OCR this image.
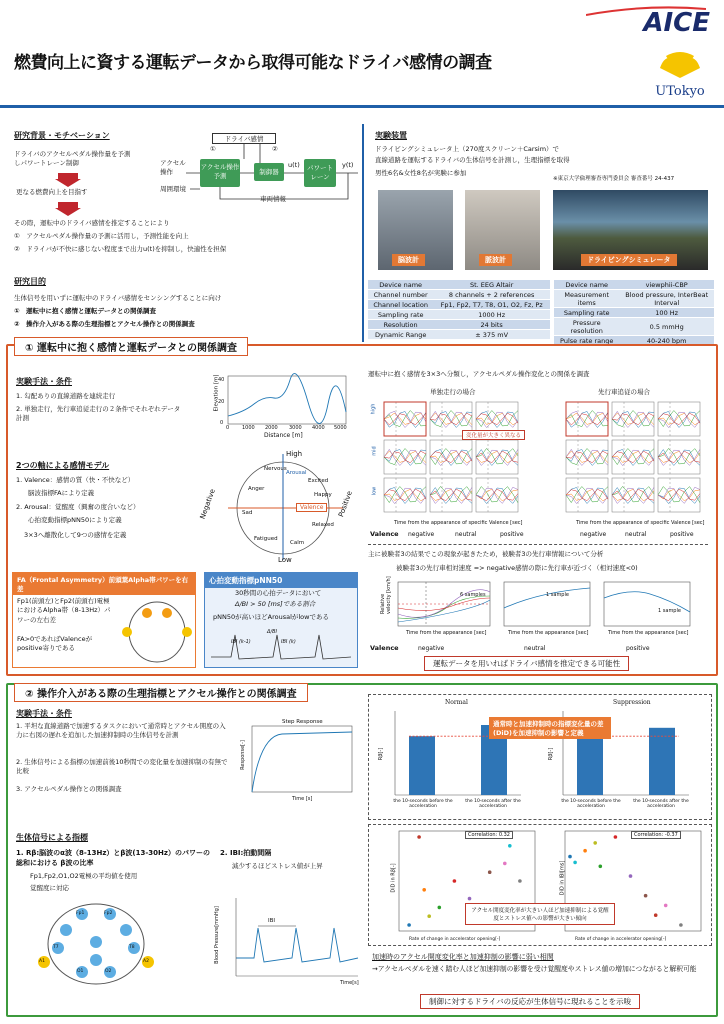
AICE
燃費向上に資する運転データから取得可能なドライバ感情の調査
UTokyo
研究背景・モチベーション
ドライバのアクセルペダル操作量を予測しパワートレーン制御
更なる燃費向上を目指す
その際，運転中のドライバ感情を推定することにより
①　アクセルペダル操作量の予測に活用し，予測性能を向上
②　ドライバが不快に感じない程度まで出力u(t)を抑制し，快適性を担保
ドライバ感情
①	②
アクセル操作
周囲環境
アクセル操作予測	制御器
u(t)	パワートレーン
y(t)
車両情報
研究目的
生体信号を用いずに運転中のドライバ感情をセンシングすることに向け
①　運転中に抱く感情と運転データとの関係調査
②　操作介入がある際の生理指標とアクセル操作との関係調査
実験装置
ドライビングシミュレータ上（270度スクリーン＋Carsim）で
直線道路を運転するドライバの生体信号を計測し，生理指標を取得
男性6名&女性8名が実験に参加
※東京大学倫理審査専門委員会 審査番号 24-437
脳波計	脈波計	ドライビングシミュレータ
Device name	St. EEG Altair
Channel number	8 channels + 2 references
Channel location	Fp1, Fp2, T7, T8, O1, O2, Fz, Pz
Sampling rate	1000 Hz
Resolution	24 bits
Dynamic Range	± 375 mV
Device name	viewphii-CBP
Measurement items	Blood pressure, InterBeat Interval
Sampling rate	100 Hz
Pressure resolution	0.5 mmHg
Pulse rate range	40-240 bpm
① 運転中に抱く感情と運転データとの関係調査
実験手法・条件
1. 勾配ありの直線道路を連続走行
2. 単独走行，先行車追従走行の２条件でそれぞれデータ計測
Elevation [m]
Distance [m]
0	1000 2000 3000 4000 5000
0
20
40
2つの軸による感情モデル
1. Valence：感情の質（快・不快など）
脳波指標FAにより定義
2. Arousal：覚醒度（興奮の度合いなど）
心拍変動指標pNN50により定義
3×3へ離散化して9つの感情を定義
High
Low
Negative	Positive
Arousal
Valence
Nervous
Excited
Anger
Happy
Sad
Relaxed
Fatigued
Calm
FA（Frontal Asymmetry）前頭葉Alpha帯パワーを右差
Fp1(前頭左)とFp2(前頭右)電極におけるAlpha帯（8-13Hz）パワーの左右差
FA>0であればValenceがpositive寄りである
心拍変動指標pNN50
30秒間の心拍データにおいて
Δ/BI > 50 [ms]である割合
pNN50が高いほどArousalがlowである
IBI (k-1)	IBI (k)
Δ/BI
運転中に抱く感情を3×3へ分類し，アクセルペダル操作変化との関係を調査
単独走行の場合	先行車追従の場合
変化量が大きく異なる
high
mid
low
Time from the appearance of specific Valence [sec]	Time from the appearance of specific Valence [sec]
Valence negative	neutral	positive	negative	neutral	positive
主に被験者3の結果でこの現象が起きたため，被験者3の先行車情報について分析
被験者3の先行車相対速度 => negative感情の際に先行車が近づく（相対速度<0)
Relative velocity [km/h]	6 samples	1 sample
1 sample
Time from the appearance [sec]	Time from the appearance [sec]	Time from the appearance [sec]
Valence	negative	neutral	positive
運転データを用いればドライバ感情を推定できる可能性
② 操作介入がある際の生理指標とアクセル操作との関係調査
実験手法・条件
1. 平坦な直線道路で加速するタスクにおいて通常時とアクセル開度の入力に右図の遅れを追加した加速抑制時の生体信号を計測
2. 生体信号による指標の加速前後10秒間での変化量を加速抑制の有無で比較
3. アクセルペダル操作との関係調査
Step Response
Response[-]
Time [s]
生体信号による指標
1. Rβ:脳波のα波（8-13Hz）とβ波(13-30Hz）のパワーの総和における β波の比率
Fp1,Fp2,O1,O2電極の平均値を使用
覚醒度に対応
2. IBI:拍動間隔
減少するほどストレス値が上昇
Fp1	Fp2
T7	T8
O1	O2
A1	A2
IBI
Blood Pressure[mmHg]
Time[s]
Normal	Suppression
Rβ[-]	Rβ[-]
the 10-seconds before the acceleration
the 10-seconds after the acceleration
the 10-seconds before the acceleration
the 10-seconds after the acceleration
通常時と加速抑制時の指標変化量の差(DiD)を加速抑制の影響と定義
Correlation: 0.32	Correlation: -0.37
DiD in Rβ[-]	DiD in IBI[ms]
Rate of change in accelerator opening[-]	Rate of change in accelerator opening[-]
アクセル開度変化率が大きい人ほど加速抑制による覚醒度とストレス値への影響が大きい傾向
加速時のアクセル開度変化率と加速抑制の影響に弱い相関
→アクセルペダルを速く踏む人ほど加速抑制の影響を受け覚醒度やストレス値の増加につながると解釈可能
制御に対するドライバの反応が生体信号に現れることを示唆
